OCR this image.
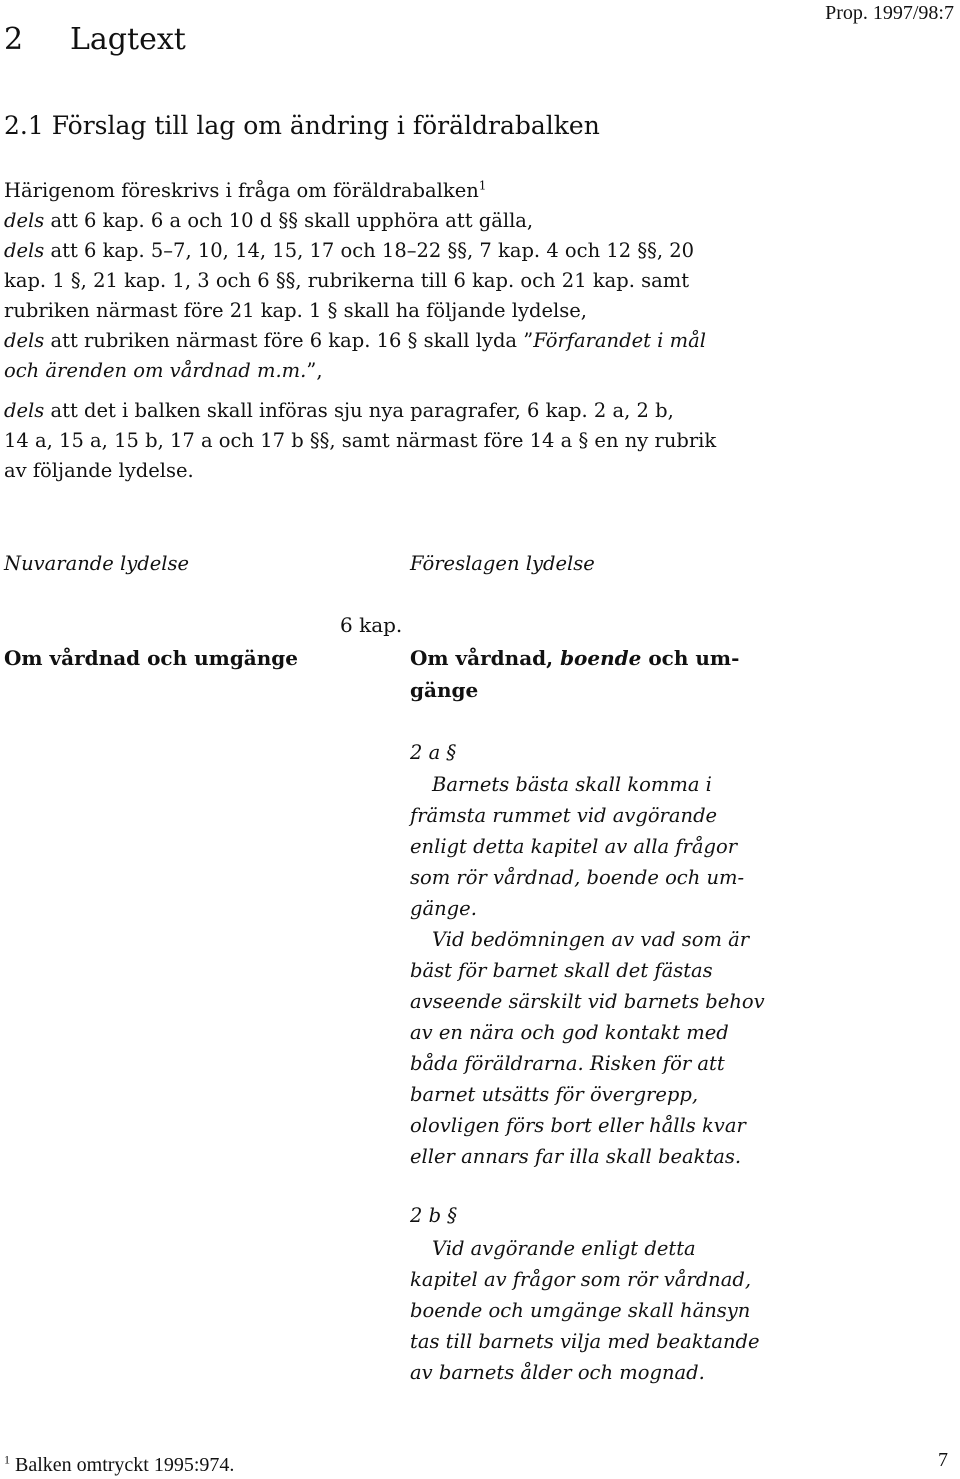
2 Lagtext
Prop. 1997/98:7
2.1 Förslag till lag om ändring i föräldrabalken
Härigenom föreskrivs i fråga om föräldrabalken$^1$
dels att 6 kap. 6 a och 10 d §§ skall upphöra att gälla,
dels att 6 kap. 5–7, 10, 14, 15, 17 och 18–22 §§, 7 kap. 4 och 12 §§, 20
kap. 1 §, 21 kap. 1, 3 och 6 §§, rubrikerna till 6 kap. och 21 kap. samt
rubriken närmast före 21 kap. 1 § skall ha följande lydelse,
dels att rubriken närmast före 6 kap. 16 § skall lyda ”Förfarandet i mål
och ärenden om vårdnad m.m.”,
dels att det i balken skall införas sju nya paragrafer, 6 kap. 2 a, 2 b,
14 a, 15 a, 15 b, 17 a och 17 b §§, samt närmast före 14 a § en ny rubrik
av följande lydelse.
Nuvarande lydelse	Föreslagen lydelse
6 kap.
Om vårdnad och umgänge	Om vårdnad, boende och um-
gänge
2 a §
Barnets bästa skall komma i
främsta rummet vid avgörande
enligt detta kapitel av alla frågor
som rör vårdnad, boende och um-
gänge.
Vid bedömningen av vad som är
bäst för barnet skall det fästas
avseende särskilt vid barnets behov
av en nära och god kontakt med
båda föräldrarna. Risken för att
barnet utsätts för övergrepp,
olovligen förs bort eller hålls kvar
eller annars far illa skall beaktas.
2 b §
Vid avgörande enligt detta
kapitel av frågor som rör vårdnad,
boende och umgänge skall hänsyn
tas till barnets vilja med beaktande
av barnets ålder och mognad.
$^1$ Balken omtryckt 1995:974.	7
